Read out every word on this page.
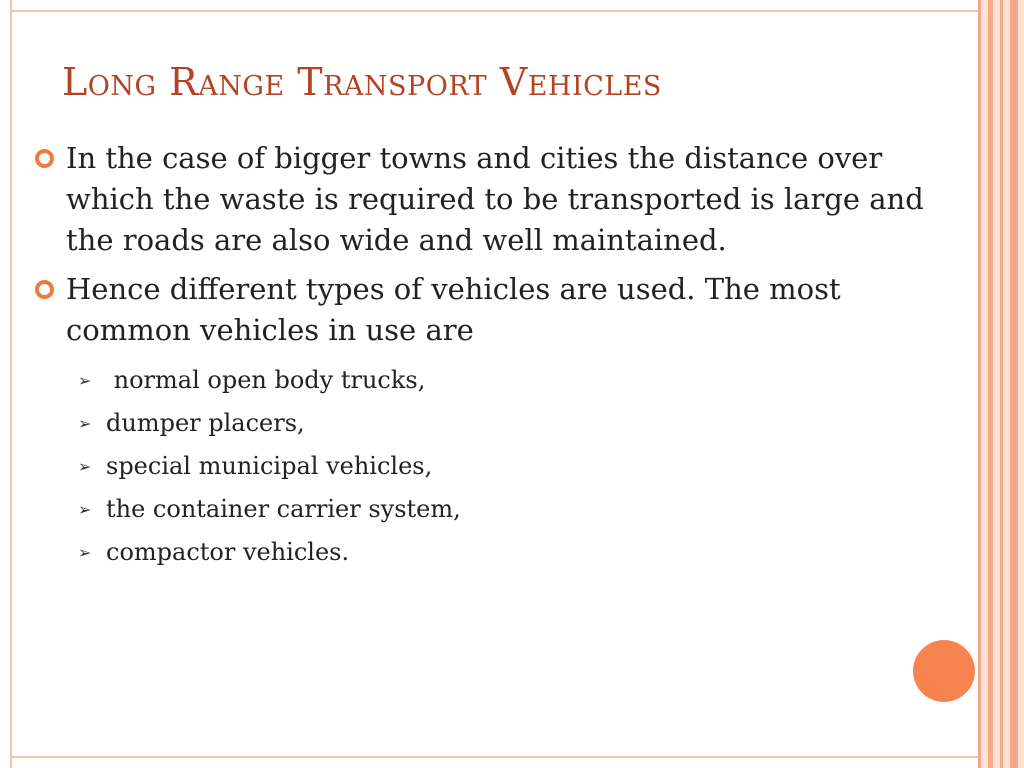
Long Range Transport Vehicles
In the case of bigger towns and cities the distance over which the waste is required to be transported is large and the roads are also wide and well maintained.
Hence different types of vehicles are used. The most common vehicles in use are
➢ normal open body trucks,
➢ dumper placers,
➢ special municipal vehicles,
➢ the container carrier system,
➢ compactor vehicles.
